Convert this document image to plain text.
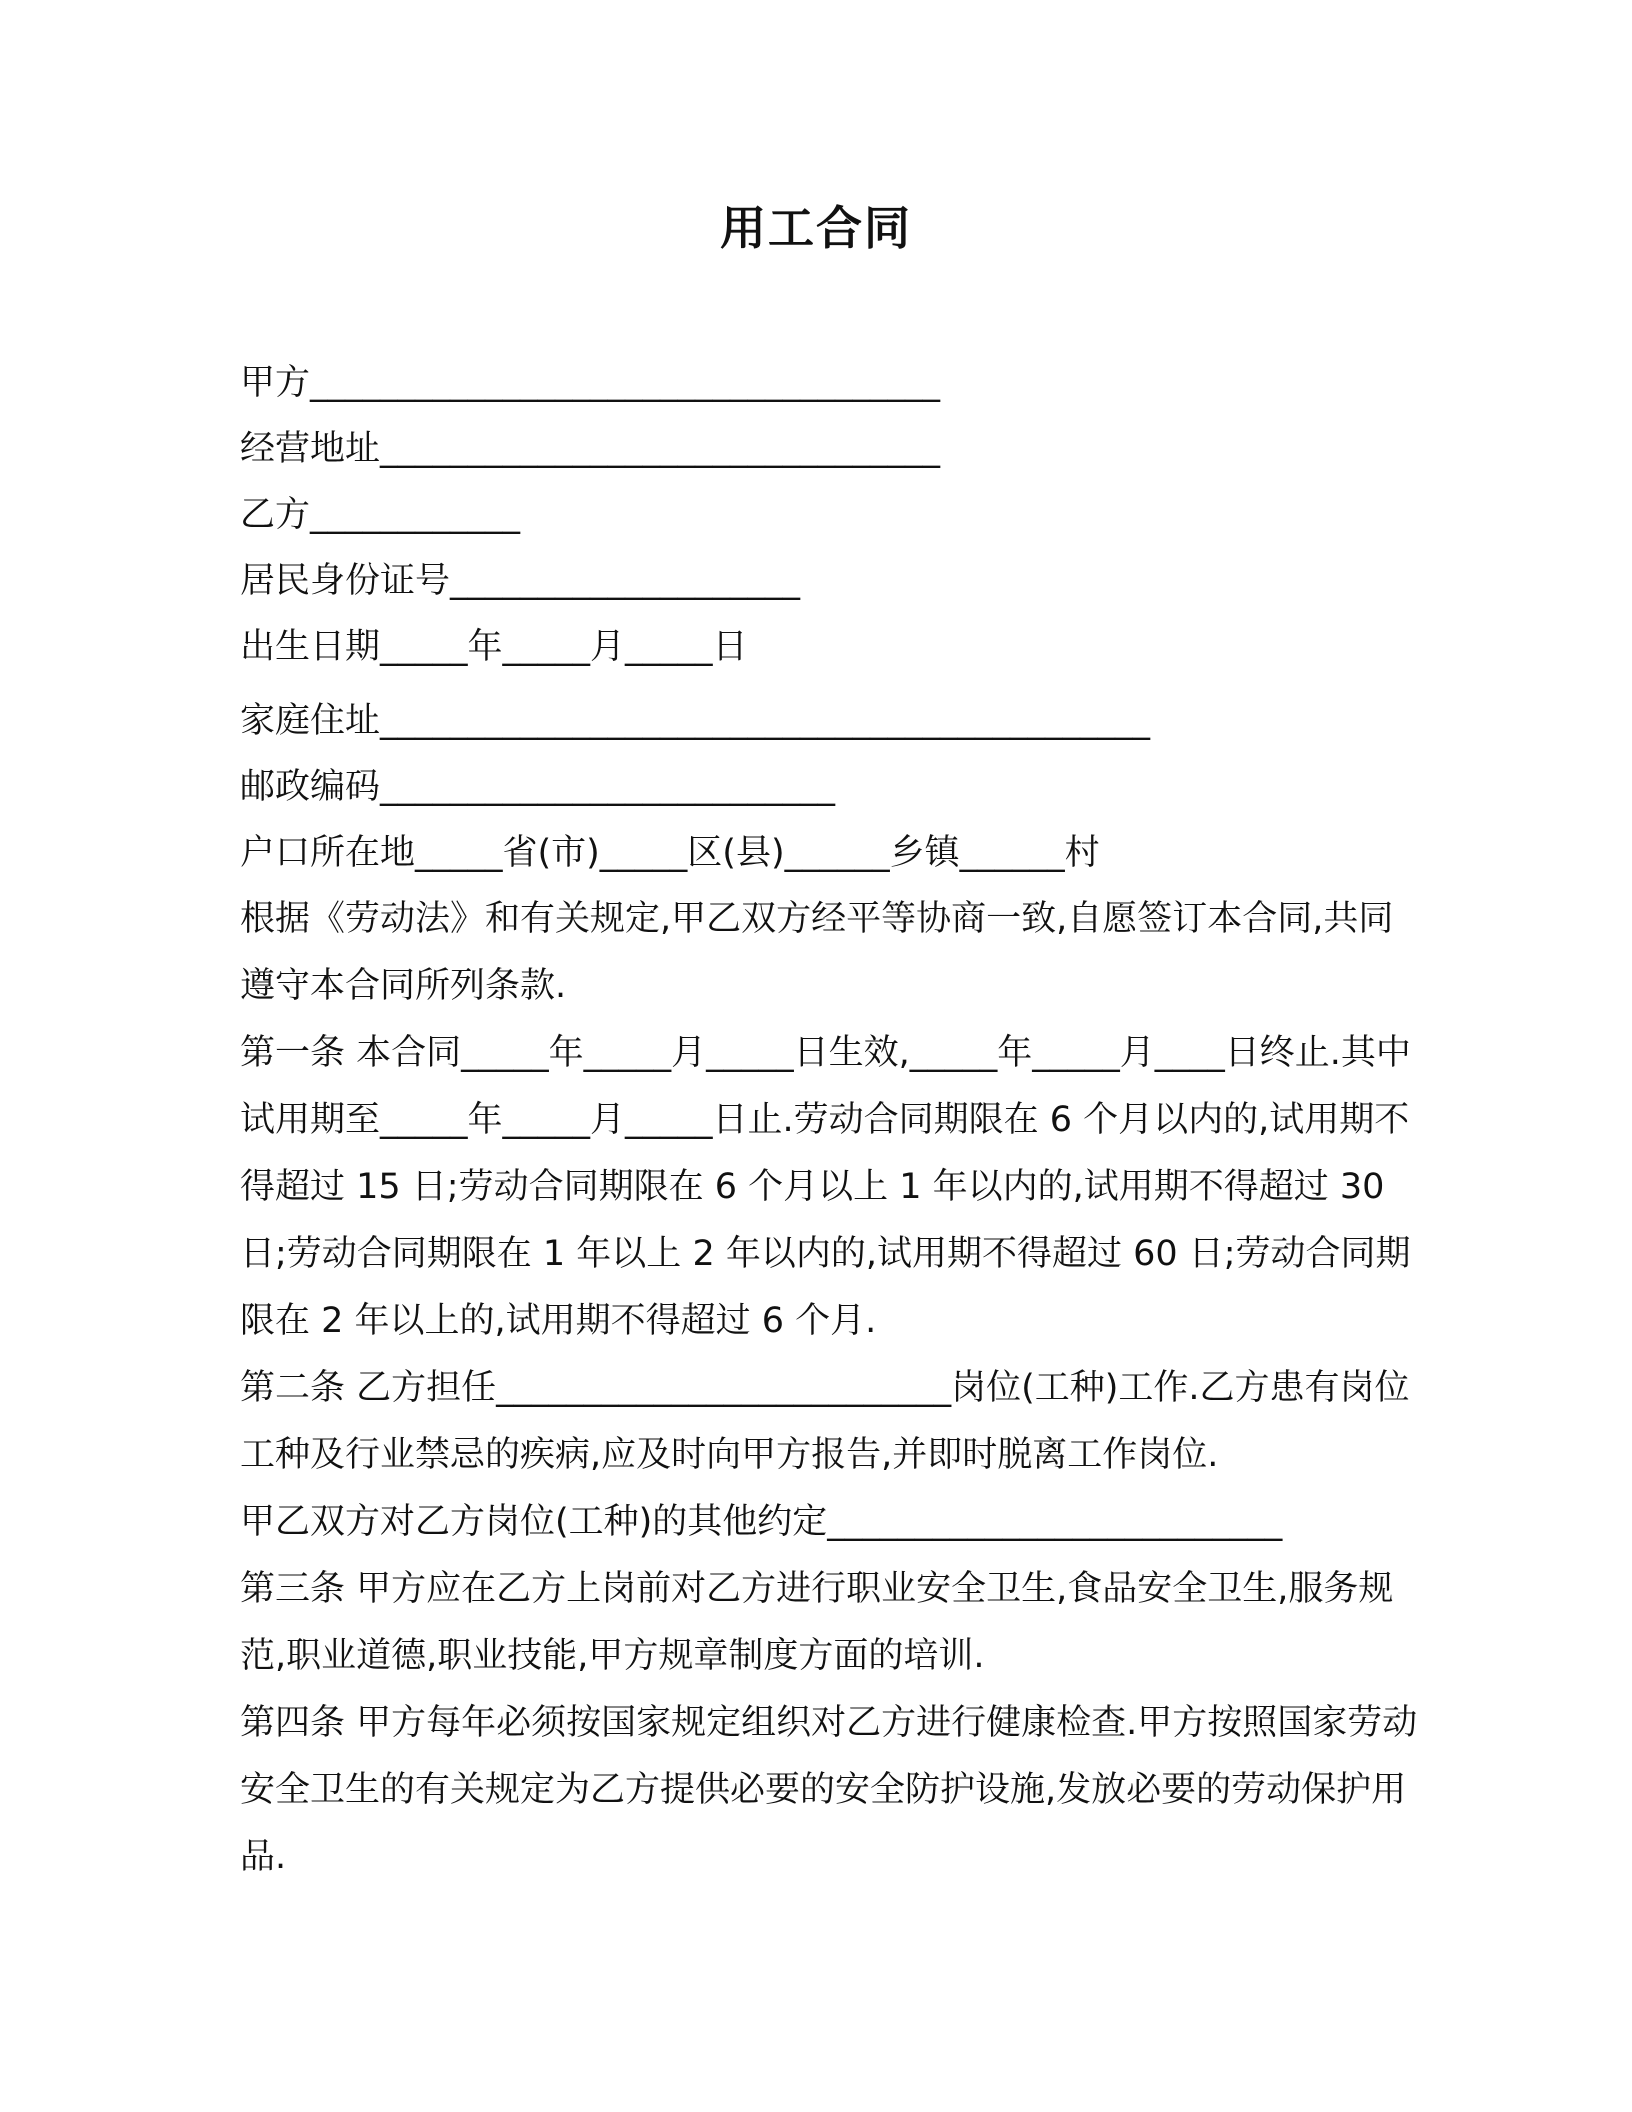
用工合同
甲方____________________________________
经营地址________________________________
乙方____________
居民身份证号____________________
出生日期_____年_____月_____日
家庭住址____________________________________________
邮政编码__________________________
户口所在地_____省(市)_____区(县)______乡镇______村
根据《劳动法》和有关规定,甲乙双方经平等协商一致,自愿签订本合同,共同遵守本合同所列条款.
第一条 本合同_____年_____月_____日生效,_____年_____月____日终止.其中试用期至_____年_____月_____日止.劳动合同期限在 6 个月以内的,试用期不得超过 15 日;劳动合同期限在 6 个月以上 1 年以内的,试用期不得超过 30 日;劳动合同期限在 1 年以上 2 年以内的,试用期不得超过 60 日;劳动合同期限在 2 年以上的,试用期不得超过 6 个月.
第二条 乙方担任__________________________岗位(工种)工作.乙方患有岗位工种及行业禁忌的疾病,应及时向甲方报告,并即时脱离工作岗位.
甲乙双方对乙方岗位(工种)的其他约定__________________________
第三条 甲方应在乙方上岗前对乙方进行职业安全卫生,食品安全卫生,服务规范,职业道德,职业技能,甲方规章制度方面的培训.
第四条 甲方每年必须按国家规定组织对乙方进行健康检查.甲方按照国家劳动安全卫生的有关规定为乙方提供必要的安全防护设施,发放必要的劳动保护用品.
